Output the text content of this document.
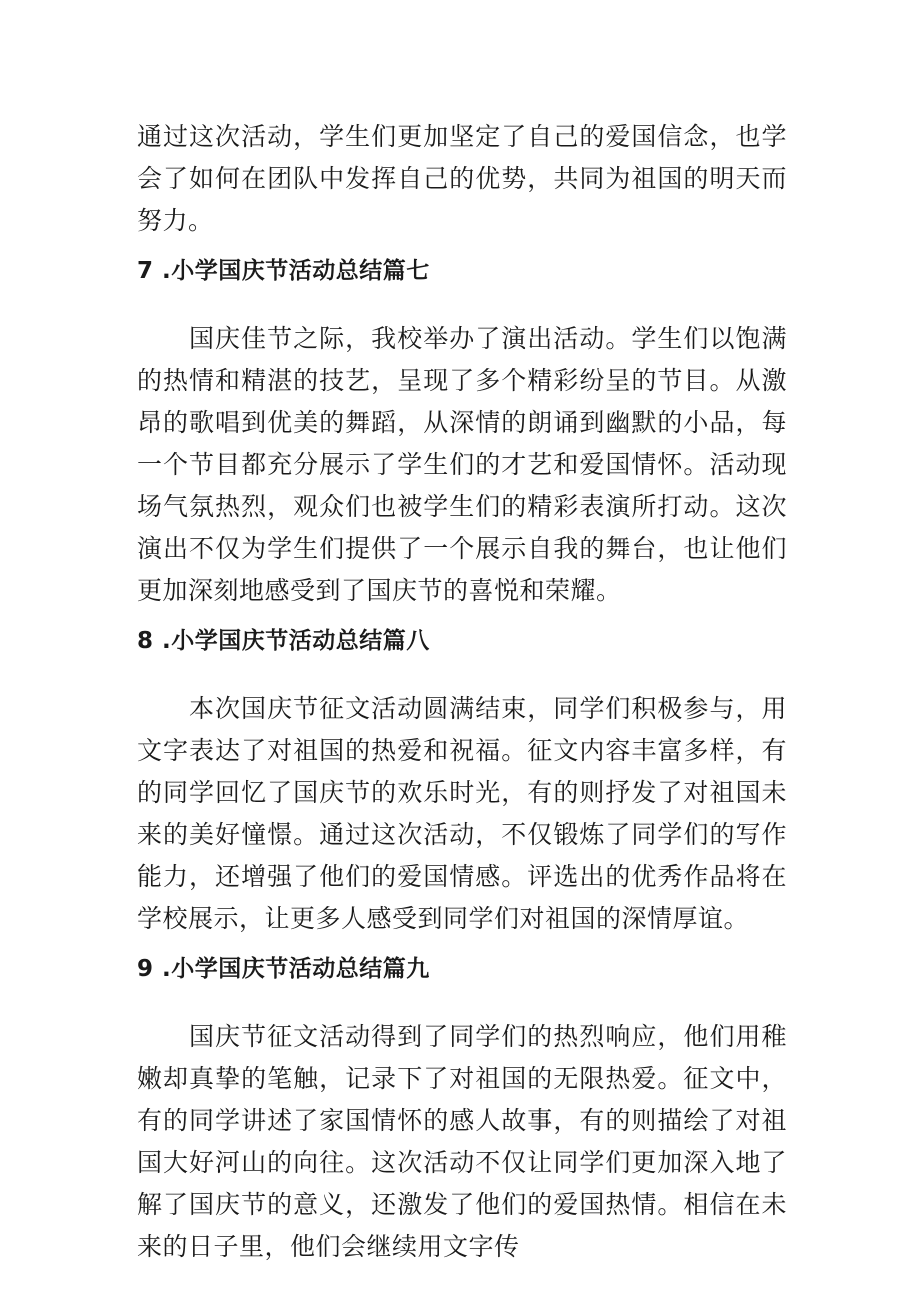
通过这次活动，学生们更加坚定了自己的爱国信念，也学会了如何在团队中发挥自己的优势，共同为祖国的明天而努力。

7 .小学国庆节活动总结篇七

国庆佳节之际，我校举办了演出活动。学生们以饱满的热情和精湛的技艺，呈现了多个精彩纷呈的节目。从激昂的歌唱到优美的舞蹈，从深情的朗诵到幽默的小品，每一个节目都充分展示了学生们的才艺和爱国情怀。活动现场气氛热烈，观众们也被学生们的精彩表演所打动。这次演出不仅为学生们提供了一个展示自我的舞台，也让他们更加深刻地感受到了国庆节的喜悦和荣耀。

8 .小学国庆节活动总结篇八

本次国庆节征文活动圆满结束，同学们积极参与，用文字表达了对祖国的热爱和祝福。征文内容丰富多样，有的同学回忆了国庆节的欢乐时光，有的则抒发了对祖国未来的美好憧憬。通过这次活动，不仅锻炼了同学们的写作能力，还增强了他们的爱国情感。评选出的优秀作品将在学校展示，让更多人感受到同学们对祖国的深情厚谊。

9 .小学国庆节活动总结篇九

国庆节征文活动得到了同学们的热烈响应，他们用稚嫩却真挚的笔触，记录下了对祖国的无限热爱。征文中，有的同学讲述了家国情怀的感人故事，有的则描绘了对祖国大好河山的向往。这次活动不仅让同学们更加深入地了解了国庆节的意义，还激发了他们的爱国热情。相信在未来的日子里，他们会继续用文字传
